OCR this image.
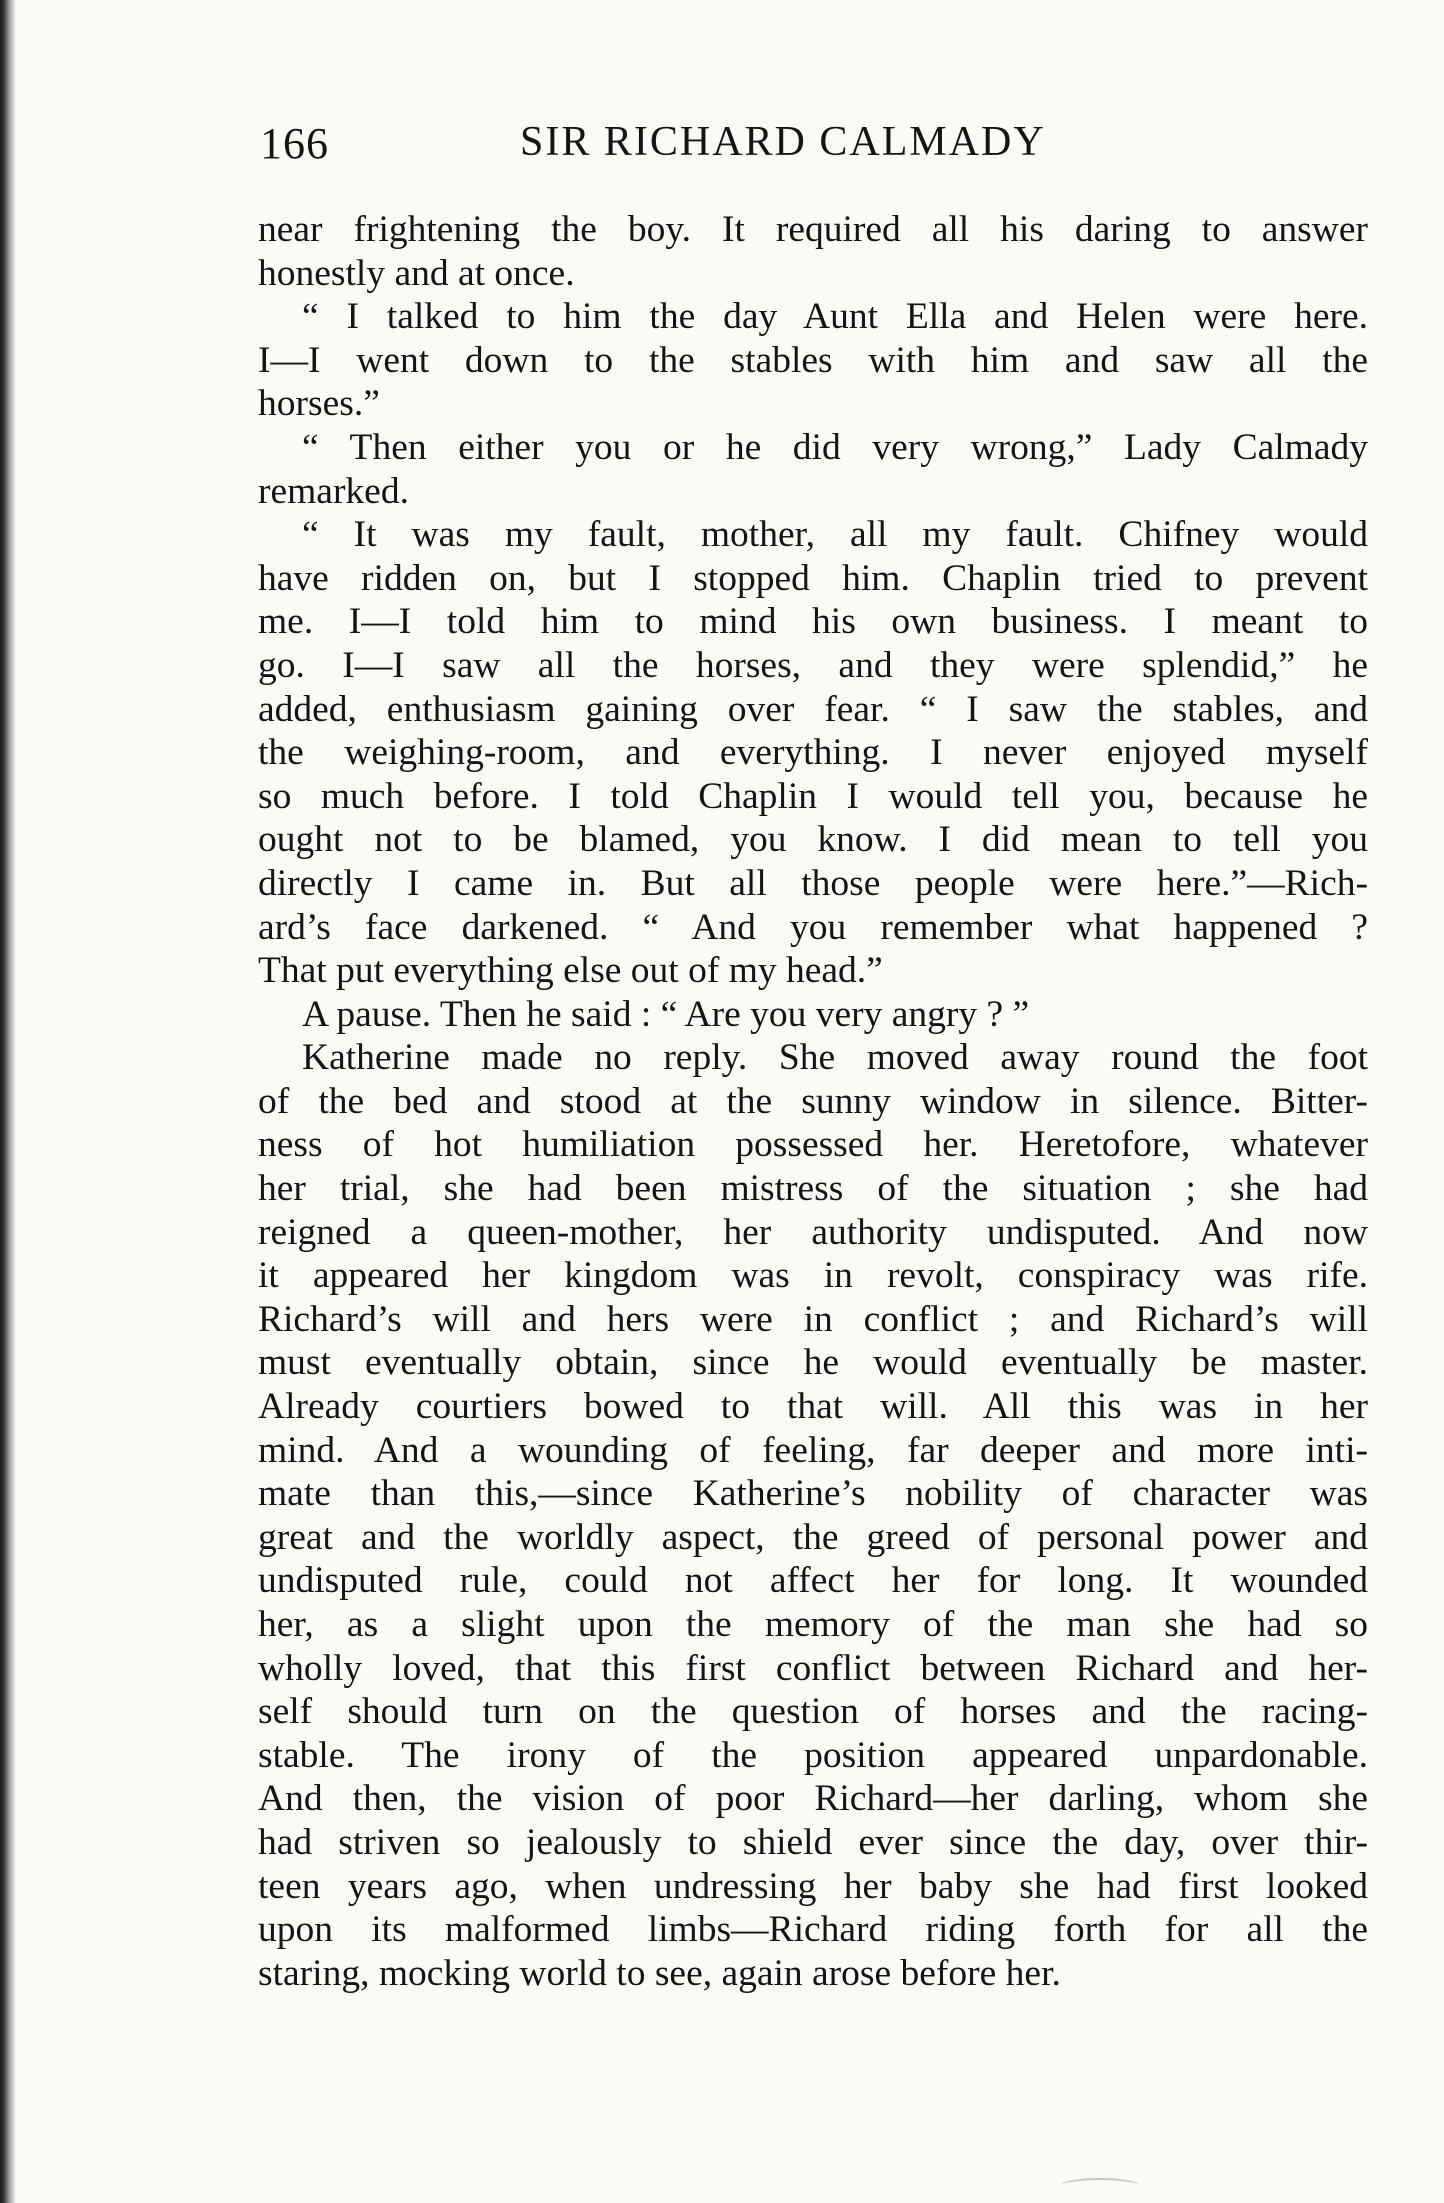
166	SIR RICHARD CALMADY
near frightening the boy. It required all his daring to answer
honestly and at once.
“ I talked to him the day Aunt Ella and Helen were here.
I—I went down to the stables with him and saw all the
horses.”
“ Then either you or he did very wrong,” Lady Calmady
remarked.
“ It was my fault, mother, all my fault. Chifney would
have ridden on, but I stopped him. Chaplin tried to prevent
me. I—I told him to mind his own business. I meant to
go. I—I saw all the horses, and they were splendid,” he
added, enthusiasm gaining over fear. “ I saw the stables, and
the weighing-room, and everything. I never enjoyed myself
so much before. I told Chaplin I would tell you, because he
ought not to be blamed, you know. I did mean to tell you
directly I came in. But all those people were here.”—Rich-
ard’s face darkened. “ And you remember what happened ?
That put everything else out of my head.”
A pause. Then he said : “ Are you very angry ? ”
Katherine made no reply. She moved away round the foot
of the bed and stood at the sunny window in silence. Bitter-
ness of hot humiliation possessed her. Heretofore, whatever
her trial, she had been mistress of the situation ; she had
reigned a queen-mother, her authority undisputed. And now
it appeared her kingdom was in revolt, conspiracy was rife.
Richard’s will and hers were in conflict ; and Richard’s will
must eventually obtain, since he would eventually be master.
Already courtiers bowed to that will. All this was in her
mind. And a wounding of feeling, far deeper and more inti-
mate than this,—since Katherine’s nobility of character was
great and the worldly aspect, the greed of personal power and
undisputed rule, could not affect her for long. It wounded
her, as a slight upon the memory of the man she had so
wholly loved, that this first conflict between Richard and her-
self should turn on the question of horses and the racing-
stable. The irony of the position appeared unpardonable.
And then, the vision of poor Richard—her darling, whom she
had striven so jealously to shield ever since the day, over thir-
teen years ago, when undressing her baby she had first looked
upon its malformed limbs—Richard riding forth for all the
staring, mocking world to see, again arose before her.
